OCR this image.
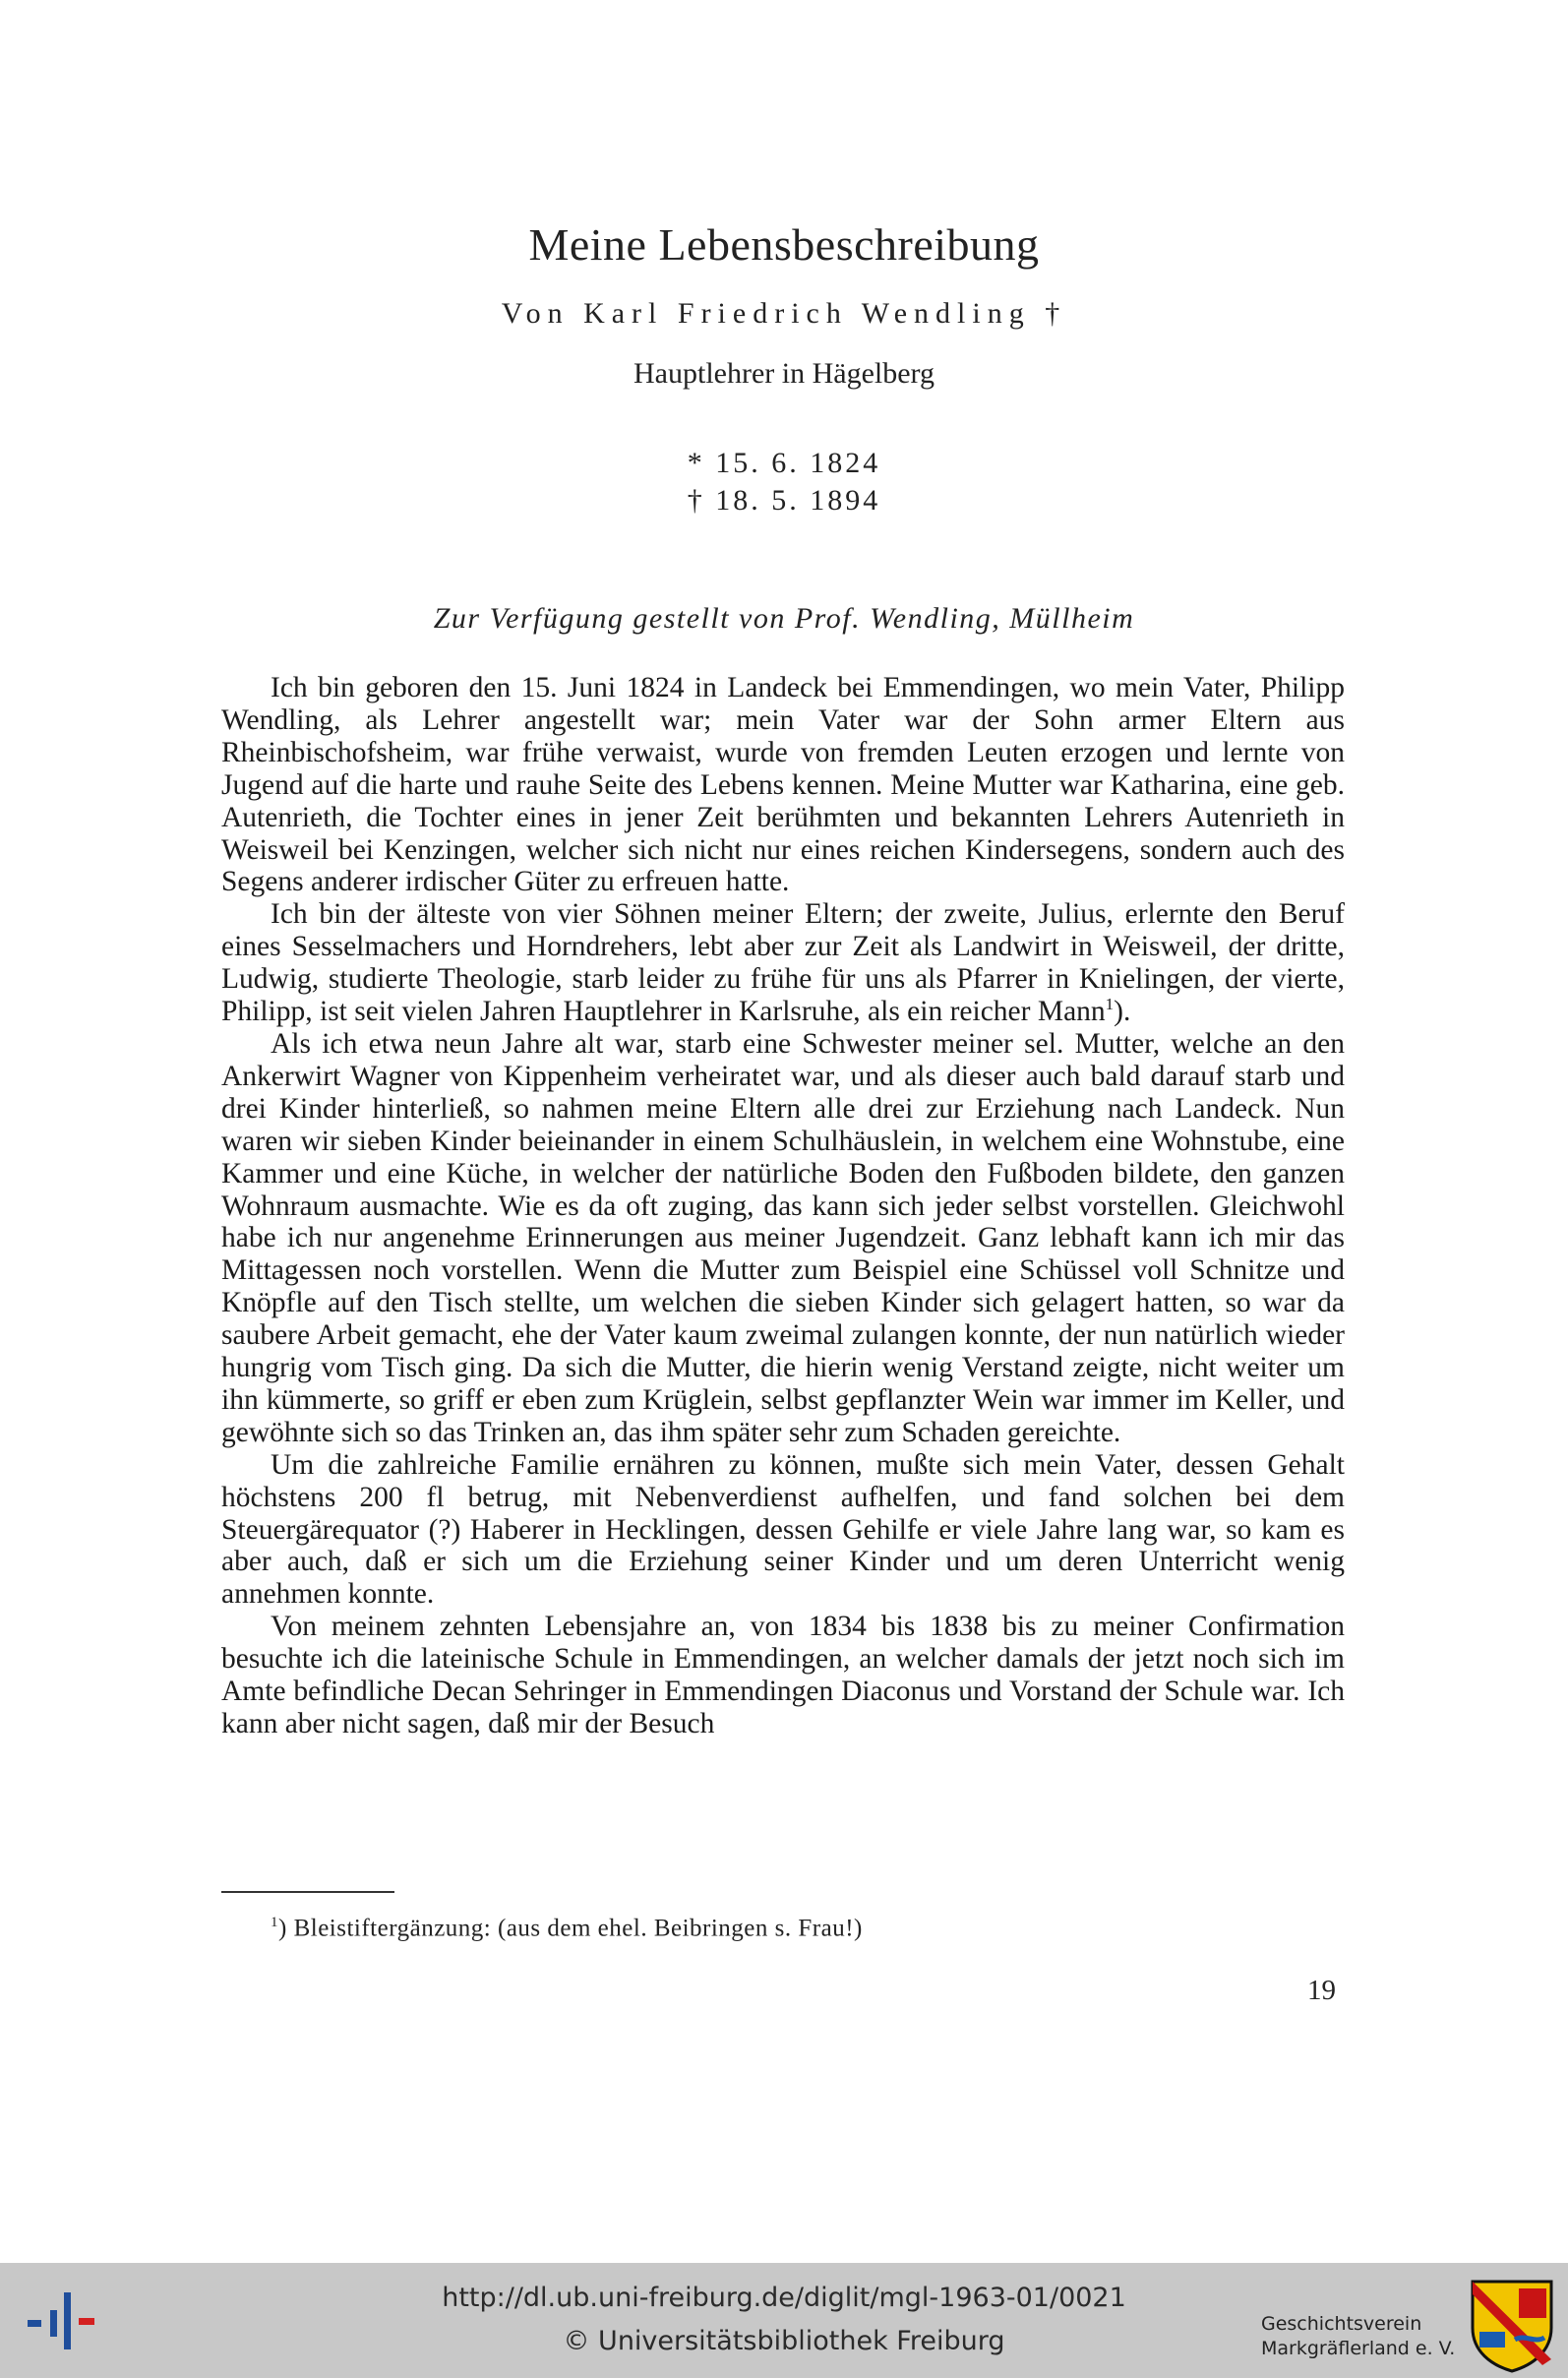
Meine Lebensbeschreibung
Von Karl Friedrich Wendling †
Hauptlehrer in Hägelberg
* 15. 6. 1824
† 18. 5. 1894
Zur Verfügung gestellt von Prof. Wendling, Müllheim

Ich bin geboren den 15. Juni 1824 in Landeck bei Emmendingen, wo mein Vater, Philipp Wendling, als Lehrer angestellt war; mein Vater war der Sohn armer Eltern aus Rheinbischofsheim, war frühe verwaist, wurde von fremden Leuten erzogen und lernte von Jugend auf die harte und rauhe Seite des Lebens kennen. Meine Mutter war Katharina, eine geb. Autenrieth, die Tochter eines in jener Zeit berühmten und bekannten Lehrers Autenrieth in Weisweil bei Kenzingen, welcher sich nicht nur eines reichen Kindersegens, sondern auch des Segens anderer irdischer Güter zu erfreuen hatte.

Ich bin der älteste von vier Söhnen meiner Eltern; der zweite, Julius, erlernte den Beruf eines Sesselmachers und Horndrehers, lebt aber zur Zeit als Landwirt in Weisweil, der dritte, Ludwig, studierte Theologie, starb leider zu frühe für uns als Pfarrer in Knielingen, der vierte, Philipp, ist seit vielen Jahren Hauptlehrer in Karlsruhe, als ein reicher Mann$^1$).

Als ich etwa neun Jahre alt war, starb eine Schwester meiner sel. Mutter, welche an den Ankerwirt Wagner von Kippenheim verheiratet war, und als dieser auch bald darauf starb und drei Kinder hinterließ, so nahmen meine Eltern alle drei zur Erziehung nach Landeck. Nun waren wir sieben Kinder beieinander in einem Schulhäuslein, in welchem eine Wohnstube, eine Kammer und eine Küche, in welcher der natürliche Boden den Fußboden bildete, den ganzen Wohnraum ausmachte. Wie es da oft zuging, das kann sich jeder selbst vorstellen. Gleichwohl habe ich nur angenehme Erinnerungen aus meiner Jugendzeit. Ganz lebhaft kann ich mir das Mittagessen noch vorstellen. Wenn die Mutter zum Beispiel eine Schüssel voll Schnitze und Knöpfle auf den Tisch stellte, um welchen die sieben Kinder sich gelagert hatten, so war da saubere Arbeit gemacht, ehe der Vater kaum zweimal zulangen konnte, der nun natürlich wieder hungrig vom Tisch ging. Da sich die Mutter, die hierin wenig Verstand zeigte, nicht weiter um ihn kümmerte, so griff er eben zum Krüglein, selbst gepflanzter Wein war immer im Keller, und gewöhnte sich so das Trinken an, das ihm später sehr zum Schaden gereichte.

Um die zahlreiche Familie ernähren zu können, mußte sich mein Vater, dessen Gehalt höchstens 200 fl betrug, mit Nebenverdienst aufhelfen, und fand solchen bei dem Steuergärequator (?) Haberer in Hecklingen, dessen Gehilfe er viele Jahre lang war, so kam es aber auch, daß er sich um die Erziehung seiner Kinder und um deren Unterricht wenig annehmen konnte.

Von meinem zehnten Lebensjahre an, von 1834 bis 1838 bis zu meiner Confirmation besuchte ich die lateinische Schule in Emmendingen, an welcher damals der jetzt noch sich im Amte befindliche Decan Sehringer in Emmendingen Diaconus und Vorstand der Schule war. Ich kann aber nicht sagen, daß mir der Besuch

$^1$) Bleistiftergänzung: (aus dem ehel. Beibringen s. Frau!)
19
http://dl.ub.uni-freiburg.de/diglit/mgl-1963-01/0021
© Universitätsbibliothek Freiburg
Geschichtsverein
Markgräflerland e. V.
